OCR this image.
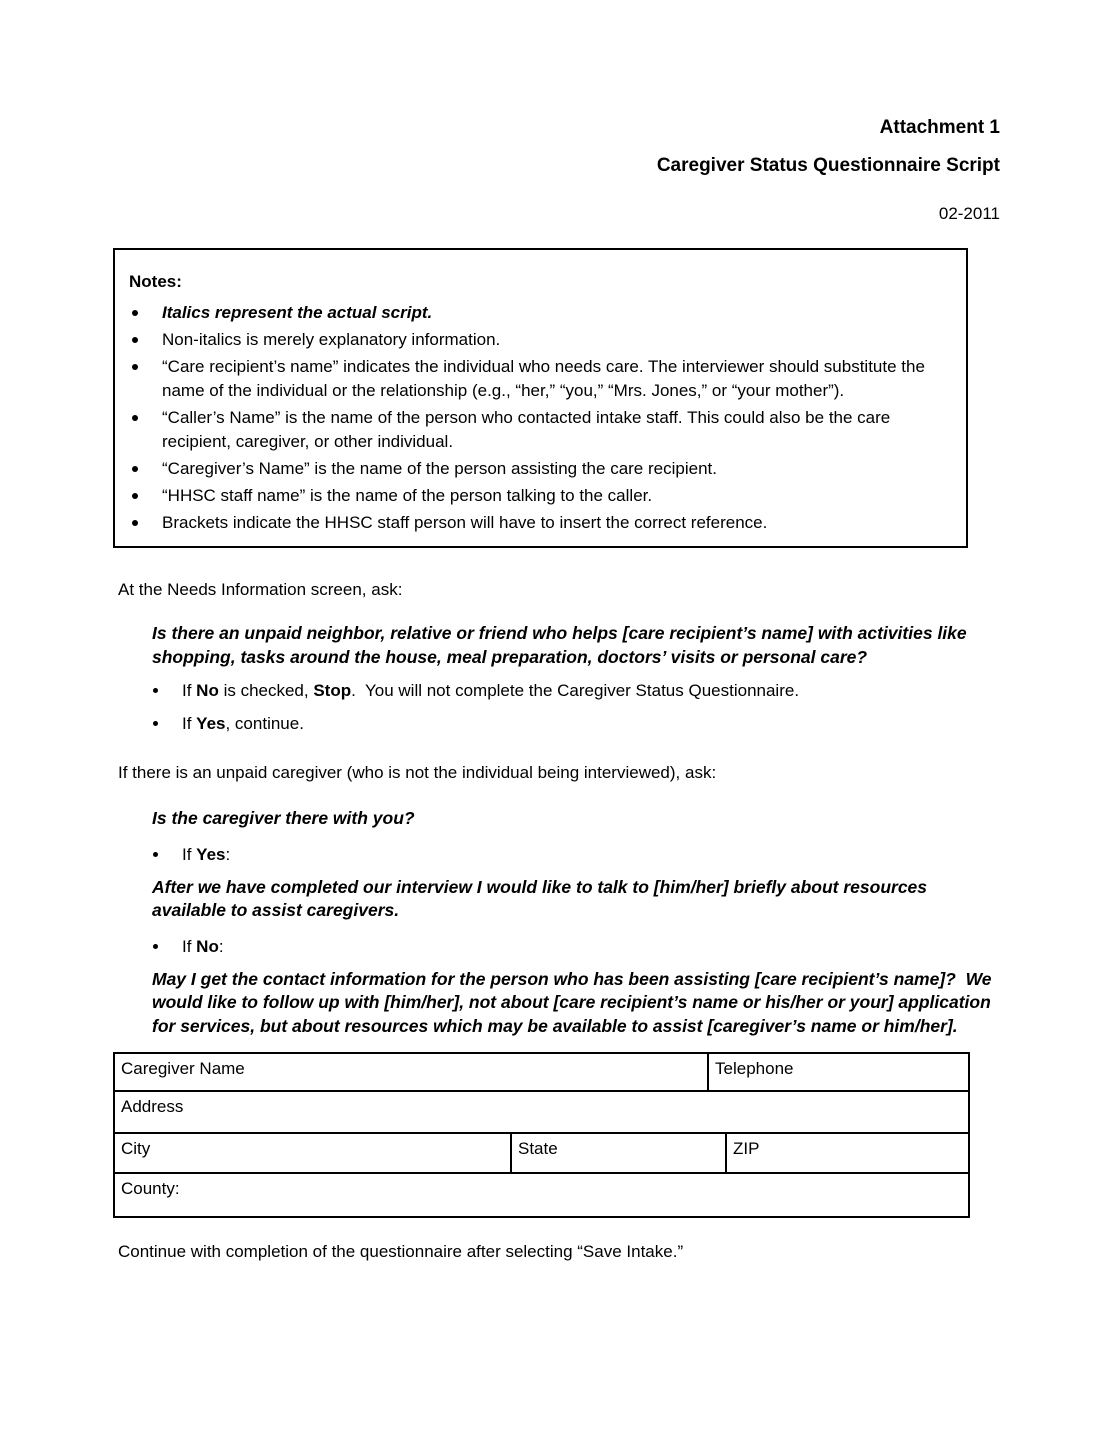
Attachment 1
Caregiver Status Questionnaire Script
02-2011
Notes:
Italics represent the actual script.
Non-italics is merely explanatory information.
“Care recipient’s name” indicates the individual who needs care. The interviewer should substitute the name of the individual or the relationship (e.g., “her,” “you,” “Mrs. Jones,” or “your mother”).
“Caller’s Name” is the name of the person who contacted intake staff. This could also be the care recipient, caregiver, or other individual.
“Caregiver’s Name” is the name of the person assisting the care recipient.
“HHSC staff name” is the name of the person talking to the caller.
Brackets indicate the HHSC staff person will have to insert the correct reference.

At the Needs Information screen, ask:

Is there an unpaid neighbor, relative or friend who helps [care recipient’s name] with activities like shopping, tasks around the house, meal preparation, doctors’ visits or personal care?

If No is checked, Stop.  You will not complete the Caregiver Status Questionnaire.
If Yes, continue.

If there is an unpaid caregiver (who is not the individual being interviewed), ask:

Is the caregiver there with you?

If Yes:

After we have completed our interview I would like to talk to [him/her] briefly about resources available to assist caregivers.

If No:

May I get the contact information for the person who has been assisting [care recipient’s name]?  We would like to follow up with [him/her], not about [care recipient’s name or his/her or your] application for services, but about resources which may be available to assist [caregiver’s name or him/her].

Caregiver Name		Telephone	
Address			
City	State		ZIP
County:			

Continue with completion of the questionnaire after selecting “Save Intake.”
